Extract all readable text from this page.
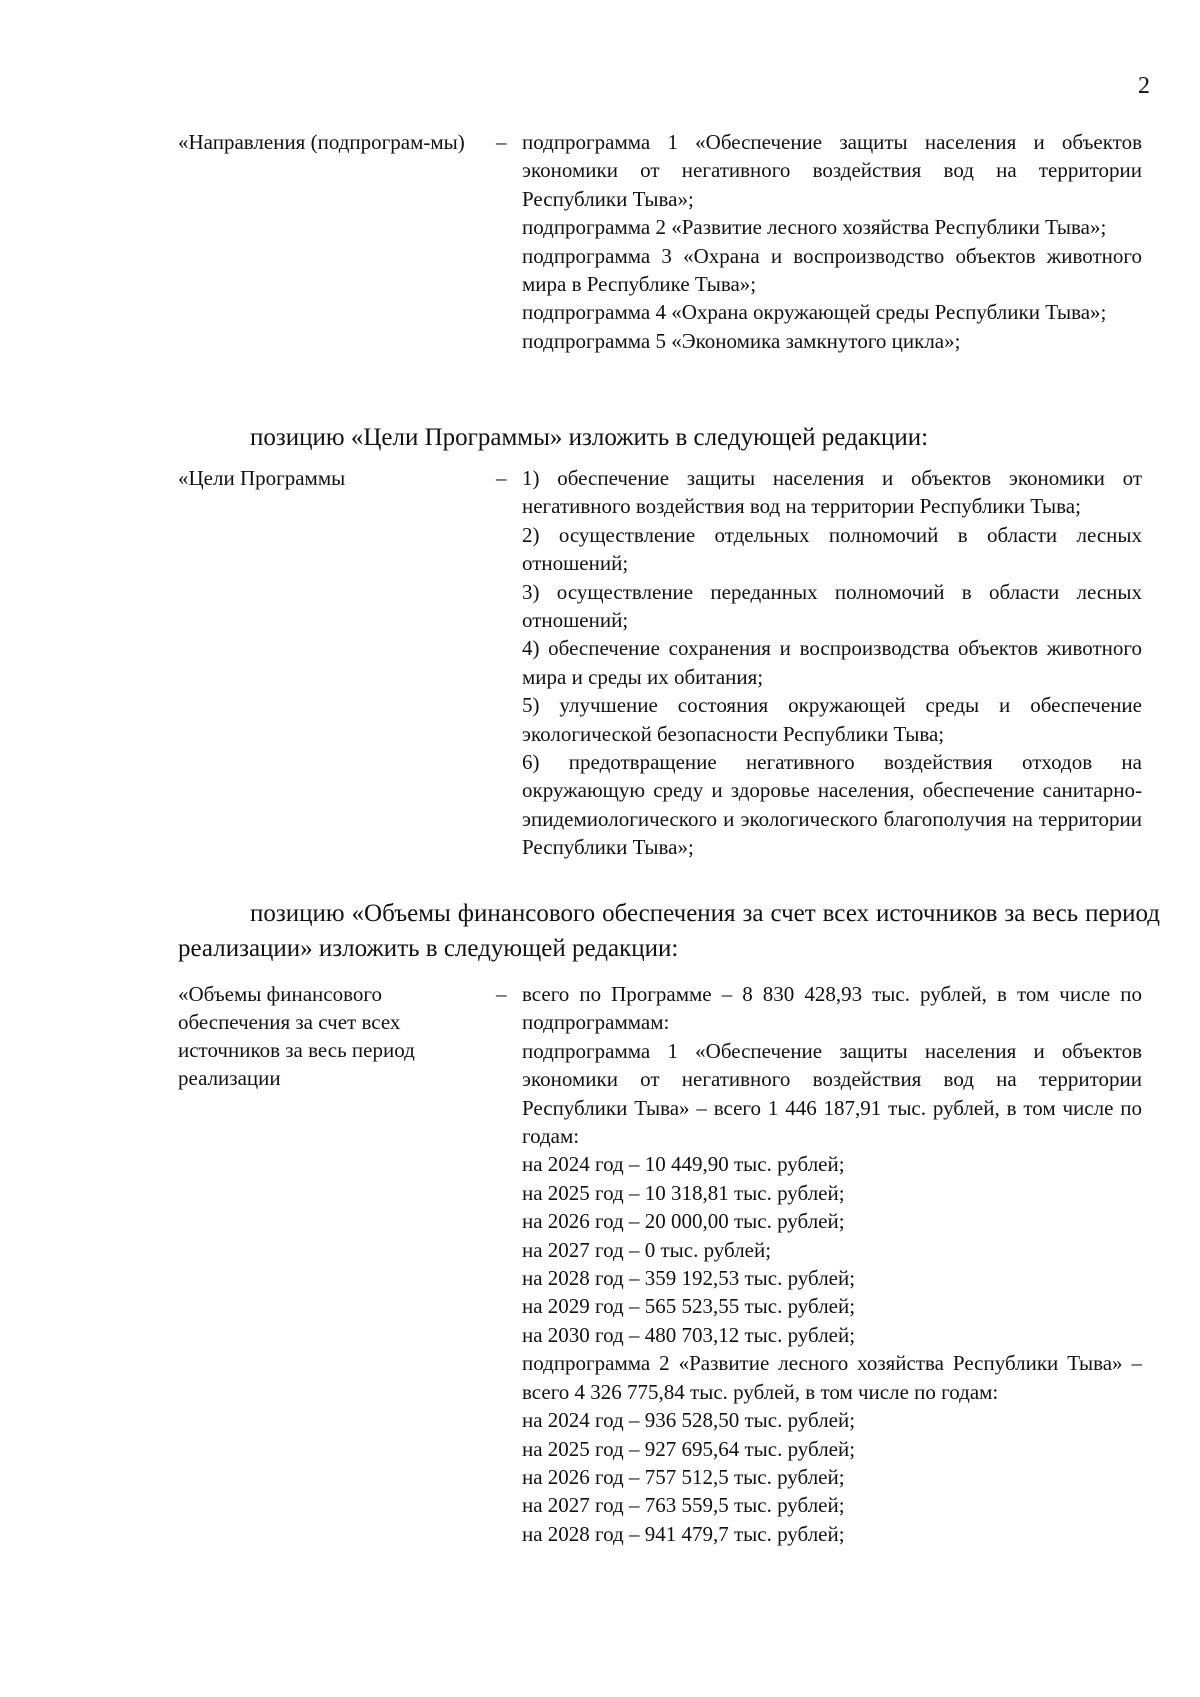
2

«Направления (подпрограм-мы)	– подпрограмма 1 «Обеспечение защиты населения и объектов экономики от негативного воздействия вод на территории Республики Тыва»;

подпрограмма 2 «Развитие лесного хозяйства Республики Тыва»;

подпрограмма 3 «Охрана и воспроизводство объектов животного мира в Республике Тыва»;

подпрограмма 4 «Охрана окружающей среды Республики Тыва»;

подпрограмма 5 «Экономика замкнутого цикла»;

позицию «Цели Программы» изложить в следующей редакции:

«Цели Программы	– 1) обеспечение защиты населения и объектов экономики от негативного воздействия вод на территории Республики Тыва;

2) осуществление отдельных полномочий в области лесных отношений;

3) осуществление переданных полномочий в области лесных отношений;

4) обеспечение сохранения и воспроизводства объектов животного мира и среды их обитания;

5) улучшение состояния окружающей среды и обеспечение экологической безопасности Республики Тыва;

6) предотвращение негативного воздействия отходов на окружающую среду и здоровье населения, обеспечение санитарно-эпидемиологического и экологического благополучия на территории Республики Тыва»;

позицию «Объемы финансового обеспечения за счет всех источников за весь период реализации» изложить в следующей редакции:

«Объемы финансового обеспечения за счет всех источников за весь период реализации

– всего по Программе – 8 830 428,93 тыс. рублей, в том числе по подпрограммам:

подпрограмма 1 «Обеспечение защиты населения и объектов экономики от негативного воздействия вод на территории Республики Тыва» – всего 1 446 187,91 тыс. рублей, в том числе по годам:

на 2024 год – 10 449,90 тыс. рублей;

на 2025 год – 10 318,81 тыс. рублей;

на 2026 год – 20 000,00 тыс. рублей;

на 2027 год – 0 тыс. рублей;

на 2028 год – 359 192,53 тыс. рублей;

на 2029 год – 565 523,55 тыс. рублей;

на 2030 год – 480 703,12 тыс. рублей;

подпрограмма 2 «Развитие лесного хозяйства Республики Тыва» – всего 4 326 775,84 тыс. рублей, в том числе по годам:

на 2024 год – 936 528,50 тыс. рублей;

на 2025 год – 927 695,64 тыс. рублей;

на 2026 год – 757 512,5 тыс. рублей;

на 2027 год – 763 559,5 тыс. рублей;

на 2028 год – 941 479,7 тыс. рублей;
